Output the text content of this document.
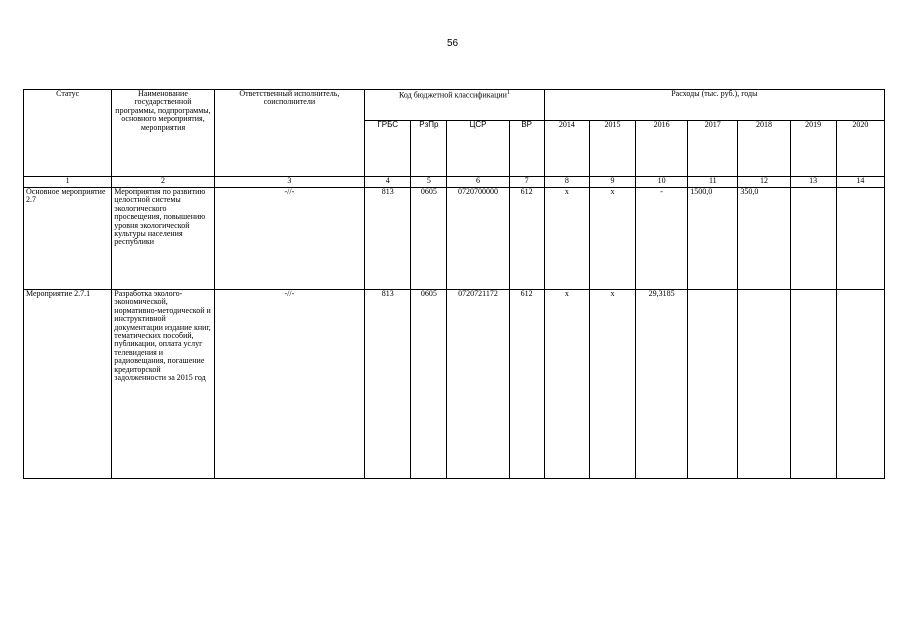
56
Статус	Наименование государственной программы, подпрограммы, основного мероприятия, мероприятия	Ответственный исполнитель, соисполнители	Код бюджетной классификации$^1$				Расходы (тыс. руб.), годы						
			ГРБС	РзПр	ЦСР	ВР	2014	2015	2016	2017	2018	2019	2020
1	2	3	4	5	6	7	8	9	10	11	12	13	14
Основное мероприятие 2.7	Мероприятия по развитию целостной системы экологического просвещения, повышению уровня экологической культуры населения республики	-//-	813	0605	0720700000	612	x	x	-	1500,0	350,0		
Мероприятие 2.7.1	Разработка эколого-экономической, нормативно-методической и инструктивной документации издание книг, тематических пособий, публикации, оплата услуг телевидения и радиовещания, погашение кредиторской задолженности за 2015 год	-//-	813	0605	0720721172	612	x	x	29,3185				
